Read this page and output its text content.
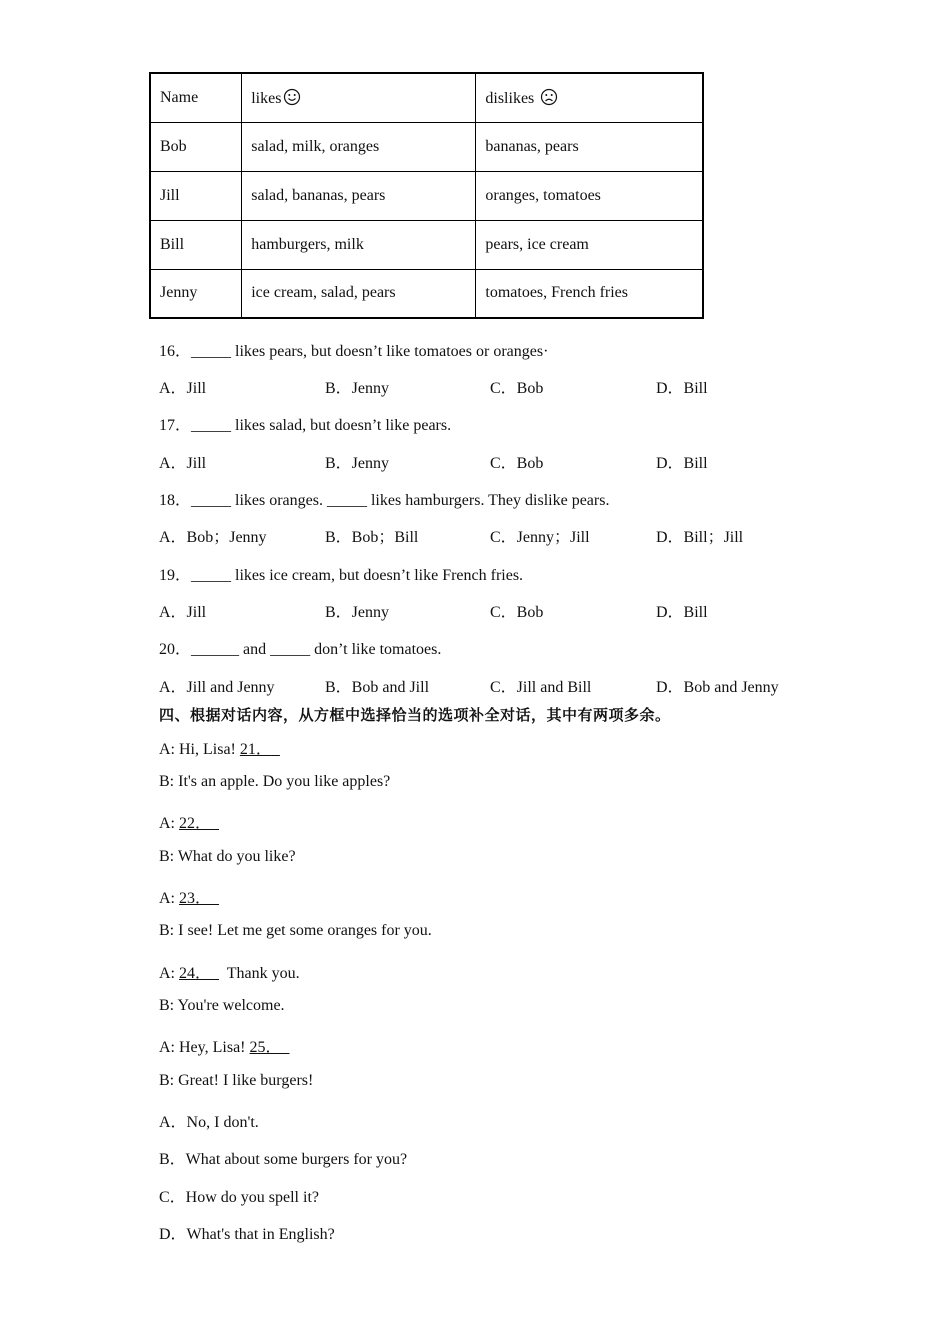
Name	likes	dislikes
Bob	salad, milk, oranges	bananas, pears
Jill	salad, bananas, pears	oranges, tomatoes
Bill	hamburgers, milk	pears, ice cream
Jenny	ice cream, salad, pears	tomatoes, French fries
16．_____ likes pears, but doesn’t like tomatoes or oranges·
A．Jill	B．Jenny	C．Bob	D．Bill
17．_____ likes salad, but doesn’t like pears.
A．Jill	B．Jenny	C．Bob	D．Bill
18．_____ likes oranges. _____ likes hamburgers. They dislike pears.
A．Bob；Jenny	B．Bob；Bill	C．Jenny；Jill	D．Bill；Jill
19．_____ likes ice cream, but doesn’t like French fries.
A．Jill	B．Jenny	C．Bob	D．Bill
20．______ and _____ don’t like tomatoes.
A．Jill and Jenny	B．Bob and Jill	C．Jill and Bill	D．Bob and Jenny
四、根据对话内容，从方框中选择恰当的选项补全对话，其中有两项多余。
A: Hi, Lisa! 21．
B: It's an apple. Do you like apples?
A: 22．
B: What do you like?
A: 23．
B: I see! Let me get some oranges for you.
A: 24．    Thank you.
B: You're welcome.
A: Hey, Lisa! 25．
B: Great! I like burgers!
A．No, I don't.
B．What about some burgers for you?
C．How do you spell it?
D．What's that in English?
